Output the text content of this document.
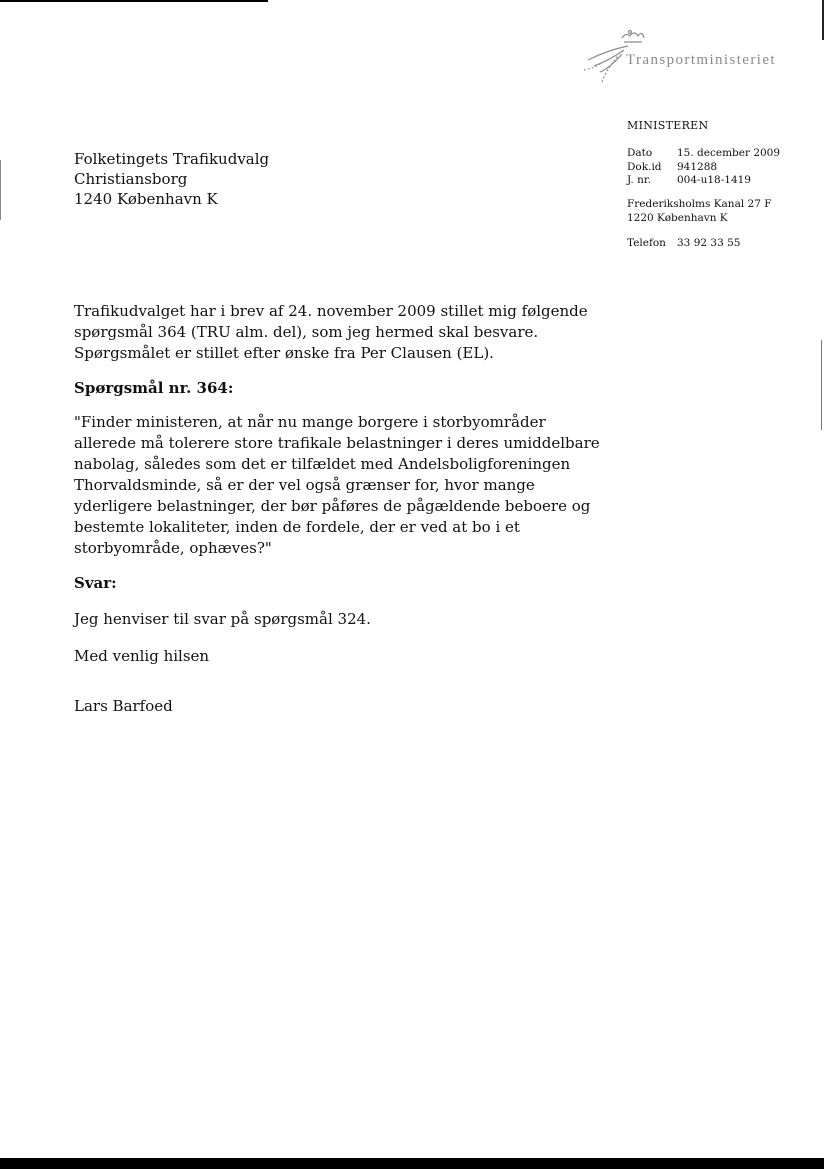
Transportministeriet
MINISTEREN
Dato	15. december 2009
Dok.id	941288
J. nr.	004-u18-1419
Frederiksholms Kanal 27 F
1220 København K
Telefon	33 92 33 55
Folketingets Trafikudvalg
Christiansborg
1240 København K

Trafikudvalget har i brev af 24. november 2009 stillet mig følgende spørgsmål 364 (TRU alm. del), som jeg hermed skal besvare. Spørgsmålet er stillet efter ønske fra Per Clausen (EL).

Spørgsmål nr. 364:

"Finder ministeren, at når nu mange borgere i storbyområder allerede må tolerere store trafikale belastninger i deres umiddelbare nabolag, således som det er tilfældet med Andelsboligforeningen Thorvaldsminde, så er der vel også grænser for, hvor mange yderligere belastninger, der bør påføres de pågældende beboere og bestemte lokaliteter, inden de fordele, der er ved at bo i et storbyområde, ophæves?"

Svar:

Jeg henviser til svar på spørgsmål 324.

Med venlig hilsen

Lars Barfoed
